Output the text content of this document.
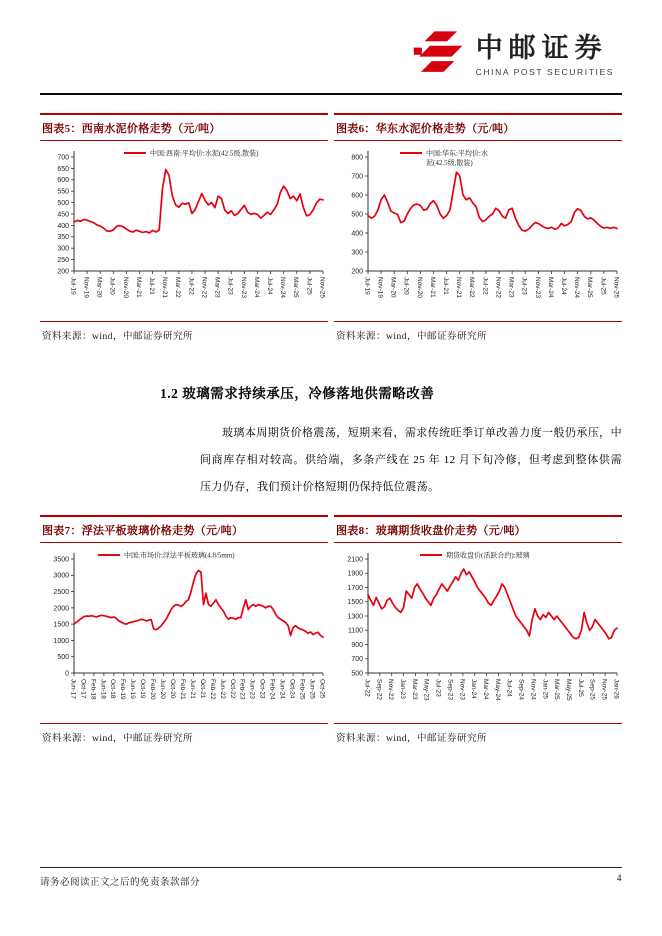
中邮证券
CHINA POST SECURITIES
图表5：西南水泥价格走势（元/吨）
200
250
300
350
400
450
500
550
600
650
700
Jul-19 Nov-19 Mar-20 Jul-20 Nov-20 Mar-21 Jul-21 Nov-21 Mar-22 Jul-22 Nov-22 Mar-23 Jul-23 Nov-23 Mar-24 Jul-24 Nov-24 Mar-25 Jul-25 Nov-25
中国:西南:平均价:水泥(42.5级,散装)
资料来源：wind，中邮证券研究所
图表6：华东水泥价格走势（元/吨）
200
300
400
500
600
700
800
Jul-19 Nov-19 Mar-20 Jul-20 Nov-20 Mar-21 Jul-21 Nov-21 Mar-22 Jul-22 Nov-22 Mar-23 Jul-23 Nov-23 Mar-24 Jul-24 Nov-24 Mar-25 Jul-25 Nov-25
中国:华东:平均价:水
泥(42.5级,散装)
资料来源：wind，中邮证券研究所
1.2 玻璃需求持续承压，冷修落地供需略改善
玻璃本周期货价格震荡，短期来看，需求传统旺季订单改善力度一般仍承压，中间商库存相对较高。供给端，多条产线在 25 年 12 月下旬冷修，但考虑到整体供需压力仍存，我们预计价格短期仍保持低位震荡。
图表7：浮法平板玻璃价格走势（元/吨）
0
500
1000
1500
2000
2500
3000
3500
Jun-17 Oct-17 Feb-18 Jun-18 Oct-18 Feb-19 Jun-19 Oct-19 Feb-20 Jun-20 Oct-20 Feb-21 Jun-21 Oct-21 Feb-22 Jun-22 Oct-22 Feb-23 Jun-23 Oct-23 Feb-24 Jun-24 Oct-24 Feb-25 Jun-25 Oct-25
中国:市场价:浮法平板玻璃(4.8/5mm)
资料来源：wind，中邮证券研究所
图表8：玻璃期货收盘价走势（元/吨）
500
700
900
1100
1300
1500
1700
1900
2100
Jul-22 Sep-22 Nov-22 Jan-23 Mar-23 May-23 Jul-23 Sep-23 Nov-23 Jan-24 Mar-24 May-24 Jul-24 Sep-24 Nov-24 Jan-25 Mar-25 May-25 Jul-25 Sep-25 Nov-25 Jan-26
期货收盘价(活跃合约):玻璃
资料来源：wind，中邮证券研究所
请务必阅读正文之后的免责条款部分	4
